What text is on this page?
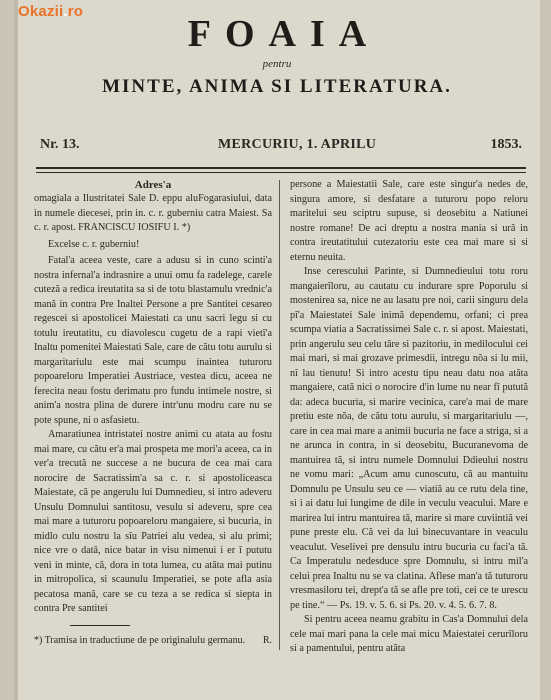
Okazii.ro
FOAIA
pentru
MINTE, ANIMA SI LITERATURA.
Nr. 13.	MERCURIU, 1. APRILU	1853.
Adres'a

omagiala a Ilustritatei Sale D. eppu aluFogarasiului, data in numele diecesei, prin in. c. r. guberniu catra Maiest. Sa c. r. apost. FRANCISCU IOSIFU I. *)

Excelse c. r. guberniu!

Fatal'a aceea veste, care a adusu si in cuno scinti'a nostra infernal'a indrasnire a unui omu fa radelege, carele cuteză a redica ireutatita sa si de totu blastamulu vrednic'a mană in contra Pre Inaltei Persone a pre Santitei cesareo regescei si apostolicei Maiestati ca unu sacri legu si cu totulu ireutatitu, cu diavolescu cugetu de a rapi vietî'a Inaltu pomenitei Maiestati Sale, care de cătu totu aurulu si margaritariulu este mai scumpu inaintea tuturoru popoareloru Imperatiei Austriace, vestea dicu, aceea ne ferecita neau fostu derimatu pro fundu intimele nostre, si anim'a nostra plina de durere intr'unu modru care nu se pote spune, ni o asfasietu.

Amaratiunea intristatei nostre animi cu atata au fostu mai mare, cu cătu er'a mai prospeta me mori'a aceea, ca in ver'a trecută ne succese a ne bucura de cea mai cara norocire de Sacratissim'a sa c. r. si apostoliceasca Maiestate, că pe angerulu lui Dumnedieu, si intro adeveru Unsulu Domnului santitosu, vesulu si adeveru, spre cea mai mare a tuturoru popoareloru mangaiere, si bucuria, in midlo culu nostru la sîu Patriei alu vedea, si alu primi; nice vre o dată, nice batar in visu nimenui i er î pututu veni in minte, că, dora in tota lumea, cu atăta mai putinu in mitropolica, si scaunulu Imperatiei, se pote afla asia pecatosa mană, care se cu teza a se redica si siepta in contra Pre santitei

persone a Maiestatii Sale, care este singur'a nedes de, singura amore, si desfatare a tuturoru popo reloru maritelui seu sciptru supuse, si deosebitu a Natiunei nostre romane! De aci dreptu a nostra mania si urâ in contra ireutatitului cutezatoriu este cea mai mare si si eternu neuita.

Inse cerescului Parinte, si Dumnedieului totu roru mangaierîloru, au cautatu cu indurare spre Poporulu si mostenirea sa, nice ne au lasatu pre noi, carii singuru dela pî'a Maiestatei Sale inimă dependemu, orfani; ci prea scumpa viatia a Sacratissimei Sale c. r. si apost. Maiestati, prin angerulu seu celu tăre si pazitoriu, in medilocului cei mai mari, si mai grozave primesdii, intregu nŏa si lu mii, nî lau tienutu! Si intro acestu tipu neau datu noa atăta mangaiere, cată nici o norocire d'in lume nu near fî putută da: adeca bucuria, si marire vecinica, care'a mai de mare pretiu este nŏa, de cătu totu aurulu, si margaritariulu —, care in cea mai mare a animii bucuria ne face a striga, si a ne arunca in contra, in si deosebitu, Bucuranevoma de mantuirea tă, si intru numele Domnului Ddieului nostru ne vomu mari: „Acum amu cunoscutu, că au mantuitu Domnulu pe Unsulu seu ce — viatiă au ce rutu dela tine, si i ai datu lui lungime de dile in veculu veacului. Mare e marirea lui intru mantuirea tă, marire si mare cuviintiă vei pune preste elu. Că vei da lui binecuvantare in veaculu veaculut. Veselivei pre densulu intru bucuria cu faci'a tă. Ca Imperatulu nedesduce spre Domnulu, si intru mil'a celui prea Inaltu nu se va clatina. Aflese man'a tă tuturoru vresmasiloru tei, drept'a tă se afle pre toti, cei ce te urescu pe tine.“ — Ps. 19. v. 5. 6. si Ps. 20. v. 4. 5. 6. 7. 8.

Si pentru aceea neamu grabitu in Cas'a Domnului dela cele mai mari pana la cele mai micu Maiestatei cerurîloru si a pamentului, pentru atăta

*) Tramisa in traductiune de pe originalulu germanu. R.
